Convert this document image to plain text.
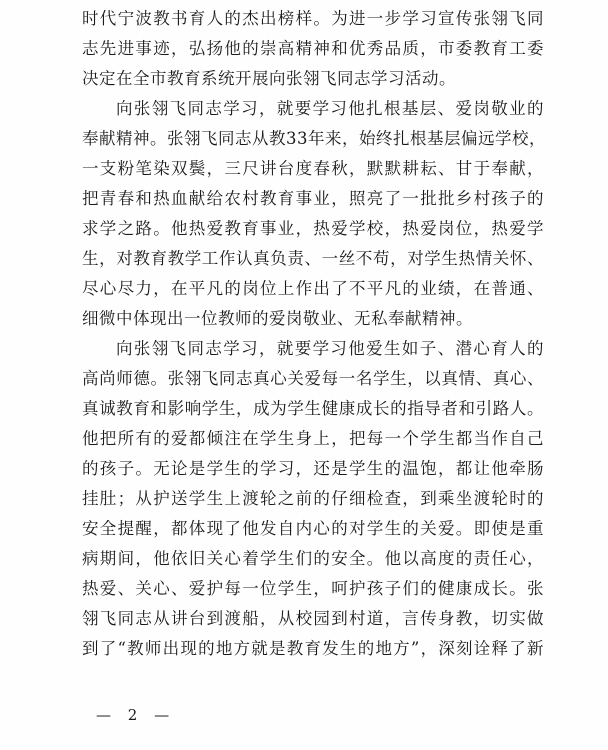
时代宁波教书育人的杰出榜样。为进一步学习宣传张翎飞同
志先进事迹，弘扬他的崇高精神和优秀品质，市委教育工委
决定在全市教育系统开展向张翎飞同志学习活动。
向张翎飞同志学习，就要学习他扎根基层、爱岗敬业的
奉献精神。张翎飞同志从教33年来，始终扎根基层偏远学校，
一支粉笔染双鬓，三尺讲台度春秋，默默耕耘、甘于奉献，
把青春和热血献给农村教育事业，照亮了一批批乡村孩子的
求学之路。他热爱教育事业，热爱学校，热爱岗位，热爱学
生，对教育教学工作认真负责、一丝不苟，对学生热情关怀、
尽心尽力，在平凡的岗位上作出了不平凡的业绩，在普通、
细微中体现出一位教师的爱岗敬业、无私奉献精神。
向张翎飞同志学习，就要学习他爱生如子、潜心育人的
高尚师德。张翎飞同志真心关爱每一名学生，以真情、真心、
真诚教育和影响学生，成为学生健康成长的指导者和引路人。
他把所有的爱都倾注在学生身上，把每一个学生都当作自己
的孩子。无论是学生的学习，还是学生的温饱，都让他牵肠
挂肚；从护送学生上渡轮之前的仔细检查，到乘坐渡轮时的
安全提醒，都体现了他发自内心的对学生的关爱。即使是重
病期间，他依旧关心着学生们的安全。他以高度的责任心，
热爱、关心、爱护每一位学生，呵护孩子们的健康成长。张
翎飞同志从讲台到渡船，从校园到村道，言传身教，切实做
到了“教师出现的地方就是教育发生的地方”，深刻诠释了新
— 2 —
